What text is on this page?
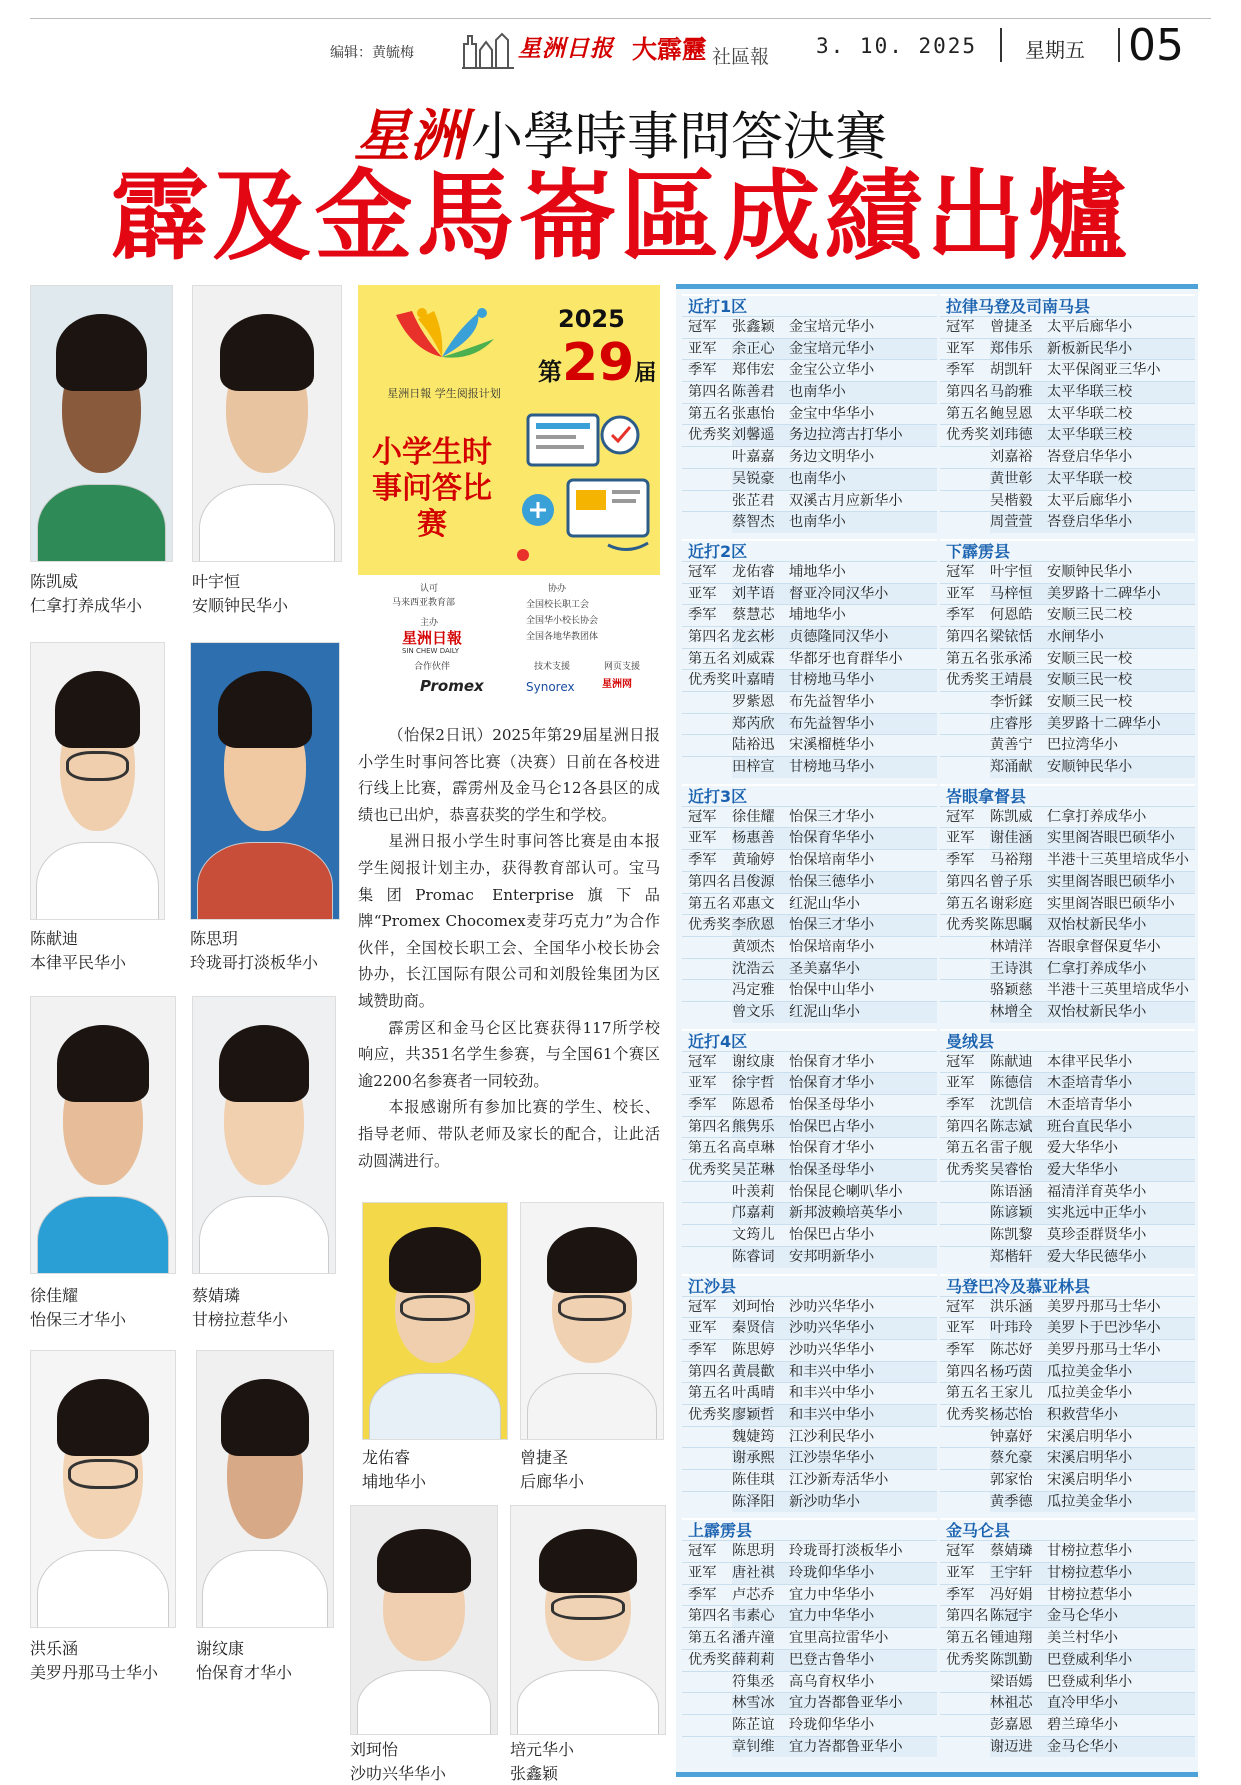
编辑：黄毓梅	星洲日报 大霹靂 社區報 3. 10. 2025 星期五 05
星洲 小學時事問答決賽
霹及金馬崙區成績出爐
陈凯威
仁拿打养成华小
叶宇恒
安顺钟民华小
陈献迪
本律平民华小
陈思玥
玲珑哥打淡板华小
徐佳耀
怡保三才华小
蔡婧璘
甘榜拉惹华小
龙佑睿
埔地华小
曾捷圣
后廊华小
洪乐涵
美罗丹那马士华小
谢纹康
怡保育才华小
刘珂怡
沙叻兴华华小
培元华小
张鑫颖
星洲日報 学生阅报计划
2025
第29届
小学生时事问答比赛
认可
马来西亚教育部
主办
星洲日報
SIN CHEW DAILY
合作伙伴
协办
全国校长职工会
全国华小校长协会
全国各地华教团体
技术支援	网页支援
星洲网
Promex	Synorex

（怡保2日讯）2025年第29届星洲日报小学生时事问答比赛（决赛）日前在各校进行线上比赛，霹雳州及金马仑12各县区的成绩也已出炉，恭喜获奖的学生和学校。

星洲日报小学生时事问答比赛是由本报学生阅报计划主办，获得教育部认可。宝马集团Promac Enterprise旗下品牌“Promex Chocomex麦芽巧克力”为合作伙伴，全国校长职工会、全国华小校长协会协办，长江国际有限公司和刘殷铨集团为区域赞助商。

霹雳区和金马仑区比赛获得117所学校响应，共351名学生参赛，与全国61个赛区逾2200名参赛者一同较劲。

本报感谢所有参加比赛的学生、校长、指导老师、带队老师及家长的配合，让此活动圆满进行。

近打1区
冠军	张鑫颖	金宝培元华小
亚军	余正心	金宝培元华小
季军	郑伟宏	金宝公立华小
第四名 陈善君	也南华小
第五名 张惠怡	金宝中华华小
优秀奖 刘馨遥	务边拉湾古打华小
叶嘉嘉	务边文明华小
吴锐豪	也南华小
张芷君	双溪古月应新华小
蔡智杰	也南华小
近打2区
冠军	龙佑睿	埔地华小
亚军	刘芊语	督亚冷同汉华小
季军	蔡慧芯	埔地华小
第四名 龙玄彬	贞德隆同汉华小
第五名 刘威霖	华都牙也育群华小
优秀奖 叶嘉晴	甘榜地马华小
罗紫恩	布先益智华小
郑芮欣	布先益智华小
陆裕迅	宋溪榴梿华小
田梓宣	甘榜地马华小
近打3区
冠军	徐佳耀	怡保三才华小
亚军	杨惠善	怡保育华华小
季军	黄瑜婷	怡保培南华小
第四名 吕俊源	怡保三德华小
第五名 邓惠文	红泥山华小
优秀奖 李欣恩	怡保三才华小
黄颂杰	怡保培南华小
沈浩云	圣美嘉华小
冯定雅	怡保中山华小
曾文乐	红泥山华小
近打4区
冠军	谢纹康	怡保育才华小
亚军	徐宇哲	怡保育才华小
季军	陈恩希	怡保圣母华小
第四名 熊隽乐	怡保巴占华小
第五名 高卓琳	怡保育才华小
优秀奖 吴芷琳	怡保圣母华小
叶羡莉	怡保昆仑喇叭华小
邝嘉莉	新邦波赖培英华小
文筠儿	怡保巴占华小
陈睿词	安邦明新华小
江沙县
冠军	刘珂怡	沙叻兴华华小
亚军	秦贤信	沙叻兴华华小
季军	陈思婷	沙叻兴华华小
第四名 黄晨歡	和丰兴中华小
第五名 叶禹晴	和丰兴中华小
优秀奖 廖颖哲	和丰兴中华小
魏婕筠	江沙利民华小
谢承熙	江沙崇华华小
陈佳琪	江沙新寿活华小
陈泽阳	新沙叻华小
上霹雳县
冠军	陈思玥	玲珑哥打淡板华小
亚军	唐社祺	玲珑仰华华小
季军	卢芯乔	宜力中华华小
第四名 韦素心	宜力中华华小
第五名 潘卉潼	宜里高拉雷华小
优秀奖 薛莉莉	巴登古鲁华小
符集丞	高乌育权华小
林雪冰	宜力峇都鲁亚华小
陈芷谊	玲珑仰华华小
章钊维	宜力峇都鲁亚华小
拉律马登及司南马县
冠军	曾捷圣	太平后廊华小
亚军	郑伟乐	新板新民华小
季军	胡凯轩	太平保阁亚三华小
第四名 马韵雅	太平华联三校
第五名 鲍昱恩	太平华联二校
优秀奖 刘玮德	太平华联三校
刘嘉裕	峇登启华华小
黄世彰	太平华联一校
吴楷毅	太平后廊华小
周萱萱	峇登启华华小
下霹雳县
冠军	叶宇恒	安顺钟民华小
亚军	马梓恒	美罗路十二碑华小
季军	何恩皓	安顺三民二校
第四名 梁铱恬	水闸华小
第五名 张承浠	安顺三民一校
优秀奖 王靖晨	安顺三民一校
李忻鍒	安顺三民一校
庄睿彤	美罗路十二碑华小
黄善宁	巴拉湾华小
郑涌献	安顺钟民华小
峇眼拿督县
冠军	陈凯威	仁拿打养成华小
亚军	谢佳涵	实里阁峇眼巴硕华小
季军	马裕翔	半港十三英里培成华小
第四名 曾子乐	实里阁峇眼巴硕华小
第五名 谢彩庭	实里阁峇眼巴硕华小
优秀奖 陈思瞩	双怡杖新民华小
林靖洋	峇眼拿督保夏华小
王诗淇	仁拿打养成华小
骆颖慈	半港十三英里培成华小
林增全	双怡杖新民华小
曼绒县
冠军	陈献迪	本律平民华小
亚军	陈德信	木歪培青华小
季军	沈凯信	木歪培青华小
第四名 陈志斌	班台直民华小
第五名 雷子舰	爱大华华小
优秀奖 吴睿怡	爱大华华小
陈语涵	福清洋育英华小
陈谚颖	实兆远中正华小
陈凯黎	莫珍歪群贤华小
郑楷轩	爱大华民德华小
马登巴冷及慕亚林县
冠军	洪乐涵	美罗丹那马士华小
亚军	叶玮玲	美罗卜于巴沙华小
季军	陈芯妤	美罗丹那马士华小
第四名 杨巧茵	瓜拉美金华小
第五名 王家儿	瓜拉美金华小
优秀奖 杨芯怡	积救营华小
钟嘉妤	宋溪启明华小
蔡允豪	宋溪启明华小
郭家怡	宋溪启明华小
黄季德	瓜拉美金华小
金马仑县
冠军	蔡婧璘	甘榜拉惹华小
亚军	王宇轩	甘榜拉惹华小
季军	冯好娟	甘榜拉惹华小
第四名 陈冠宇	金马仑华小
第五名 锺迪翔	美兰村华小
优秀奖 陈凯勤	巴登威利华小
梁语嫣	巴登威利华小
林祖芯	直冷甲华小
彭嘉恩	碧兰璋华小
谢迈进	金马仑华小
